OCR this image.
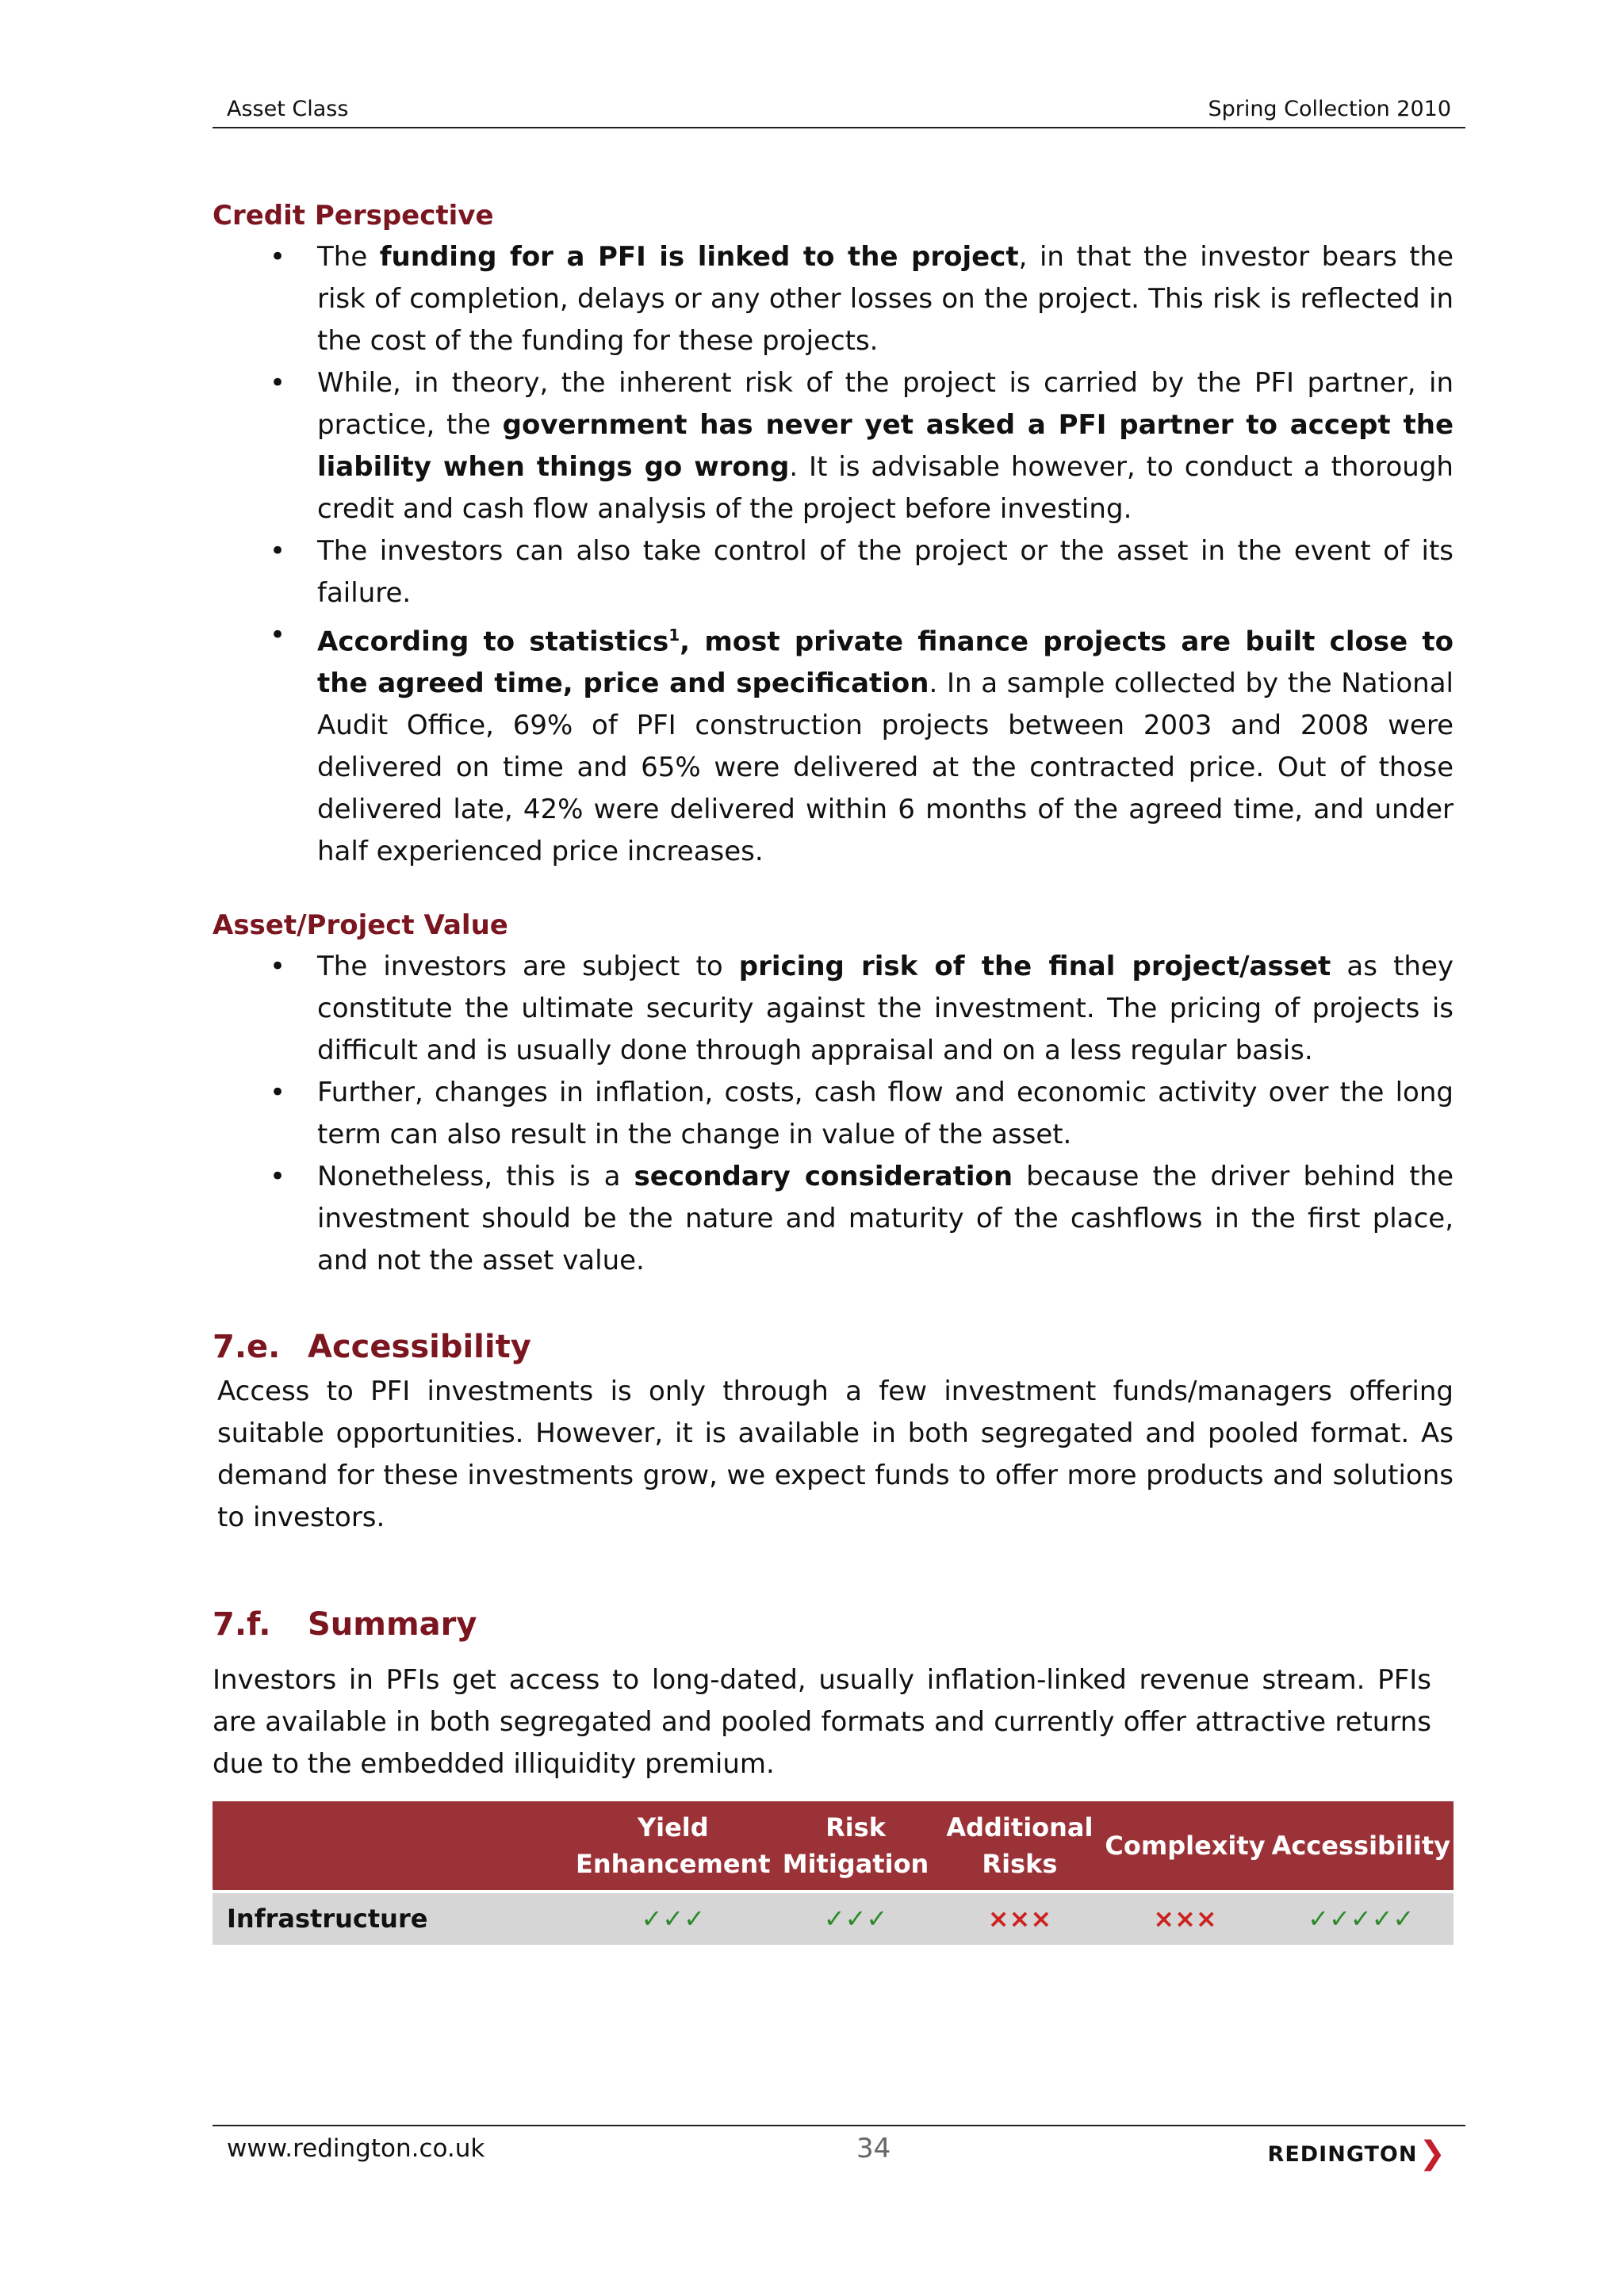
Asset Class	Spring Collection 2010

Credit Perspective

• The funding for a PFI is linked to the project, in that the investor bears the risk of completion, delays or any other losses on the project. This risk is reflected in the cost of the funding for these projects.
• While, in theory, the inherent risk of the project is carried by the PFI partner, in practice, the government has never yet asked a PFI partner to accept the liability when things go wrong. It is advisable however, to conduct a thorough credit and cash flow analysis of the project before investing.
• The investors can also take control of the project or the asset in the event of its failure.
• According to statistics$^1$, most private finance projects are built close to the agreed time, price and specification. In a sample collected by the National Audit Office, 69% of PFI construction projects between 2003 and 2008 were delivered on time and 65% were delivered at the contracted price. Out of those delivered late, 42% were delivered within 6 months of the agreed time, and under half experienced price increases.

Asset/Project Value

• The investors are subject to pricing risk of the final project/asset as they constitute the ultimate security against the investment. The pricing of projects is difficult and is usually done through appraisal and on a less regular basis.
• Further, changes in inflation, costs, cash flow and economic activity over the long term can also result in the change in value of the asset.
• Nonetheless, this is a secondary consideration because the driver behind the investment should be the nature and maturity of the cashflows in the first place, and not the asset value.

7.e. Accessibility

Access to PFI investments is only through a few investment funds/managers offering suitable opportunities. However, it is available in both segregated and pooled format. As demand for these investments grow, we expect funds to offer more products and solutions to investors.

7.f. Summary

Investors in PFIs get access to long-dated, usually inflation-linked revenue stream. PFIs are available in both segregated and pooled formats and currently offer attractive returns due to the embedded illiquidity premium.

	Yield Enhancement	Risk Mitigation	Additional Risks	Complexity	Accessibility
Infrastructure	✓✓✓	✓✓✓	×××	×××	✓✓✓✓✓
www.redington.co.uk	34	REDINGTON❯
